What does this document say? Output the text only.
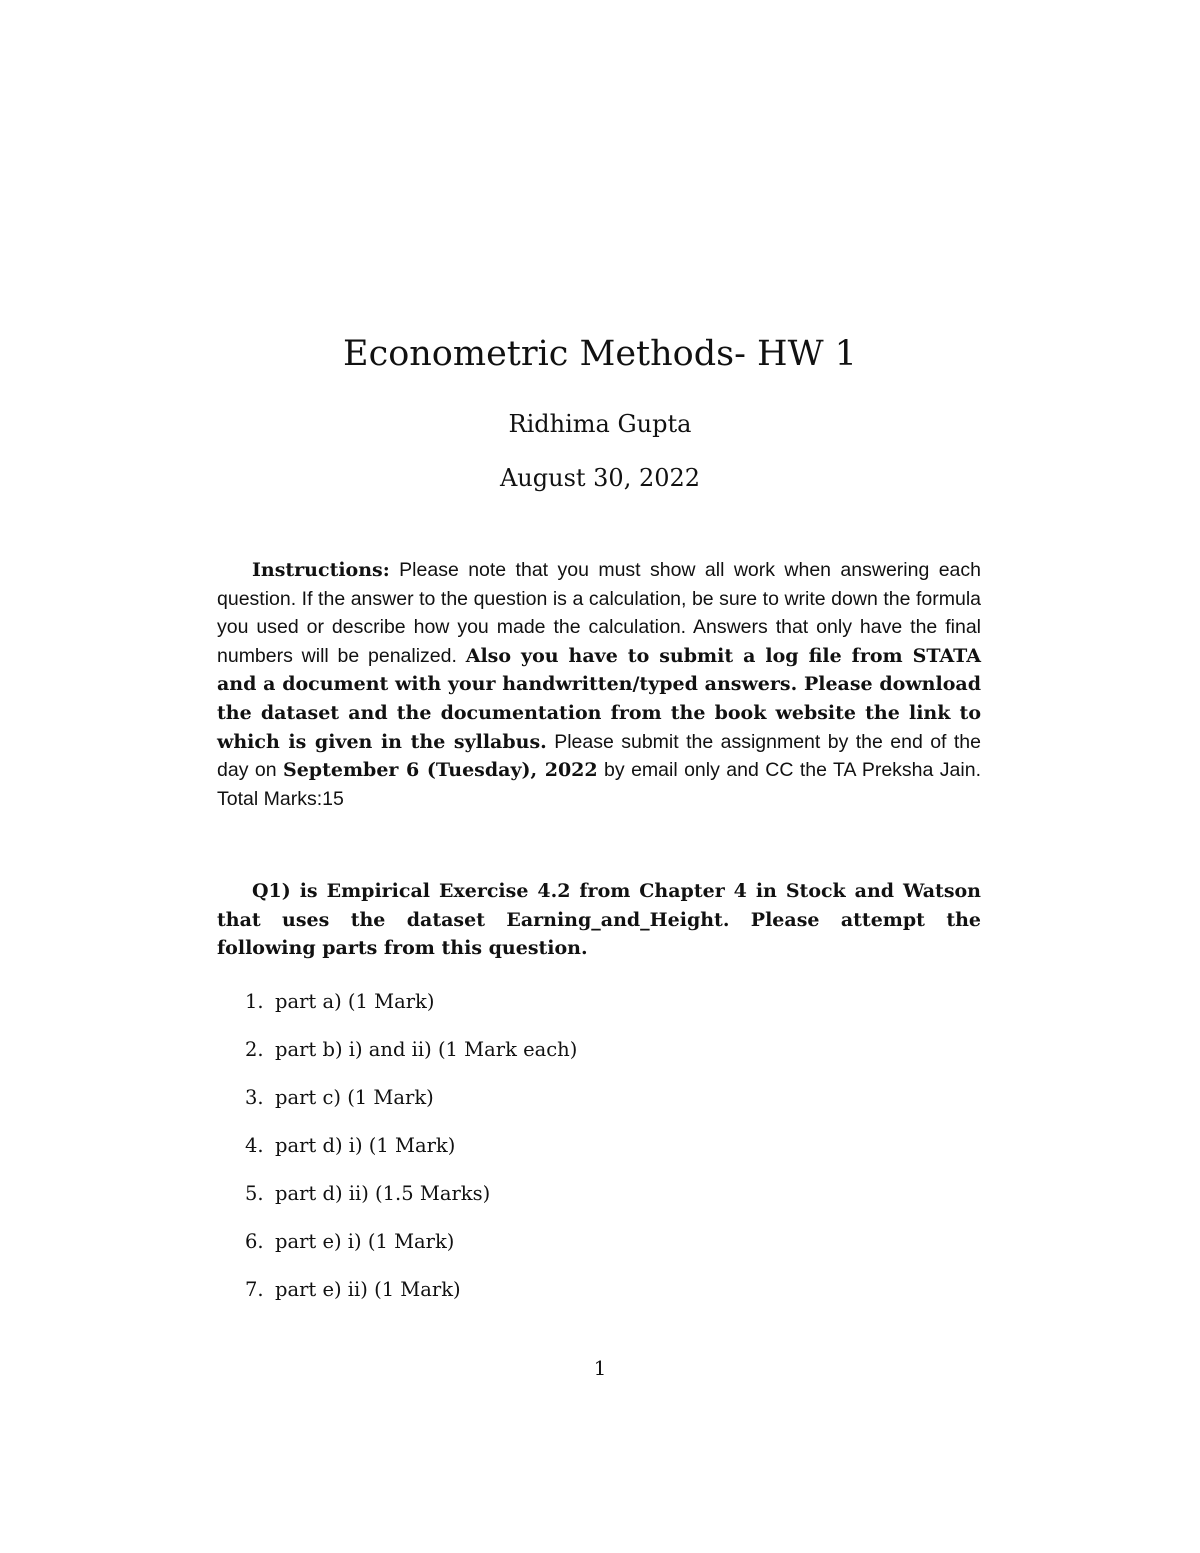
Econometric Methods- HW 1
Ridhima Gupta
August 30, 2022

Instructions: Please note that you must show all work when answering each question. If the answer to the question is a calculation, be sure to write down the formula you used or describe how you made the calculation. Answers that only have the final numbers will be penalized. Also you have to submit a log file from STATA and a document with your handwritten/typed answers. Please download the dataset and the documentation from the book website the link to which is given in the syllabus. Please submit the assignment by the end of the day on September 6 (Tuesday), 2022 by email only and CC the TA Preksha Jain. Total Marks:15

Q1) is Empirical Exercise 4.2 from Chapter 4 in Stock and Watson that uses the dataset Earning_and_Height. Please attempt the following parts from this question.

1. part a) (1 Mark)
2. part b) i) and ii) (1 Mark each)
3. part c) (1 Mark)
4. part d) i) (1 Mark)
5. part d) ii) (1.5 Marks)
6. part e) i) (1 Mark)
7. part e) ii) (1 Mark)
1
